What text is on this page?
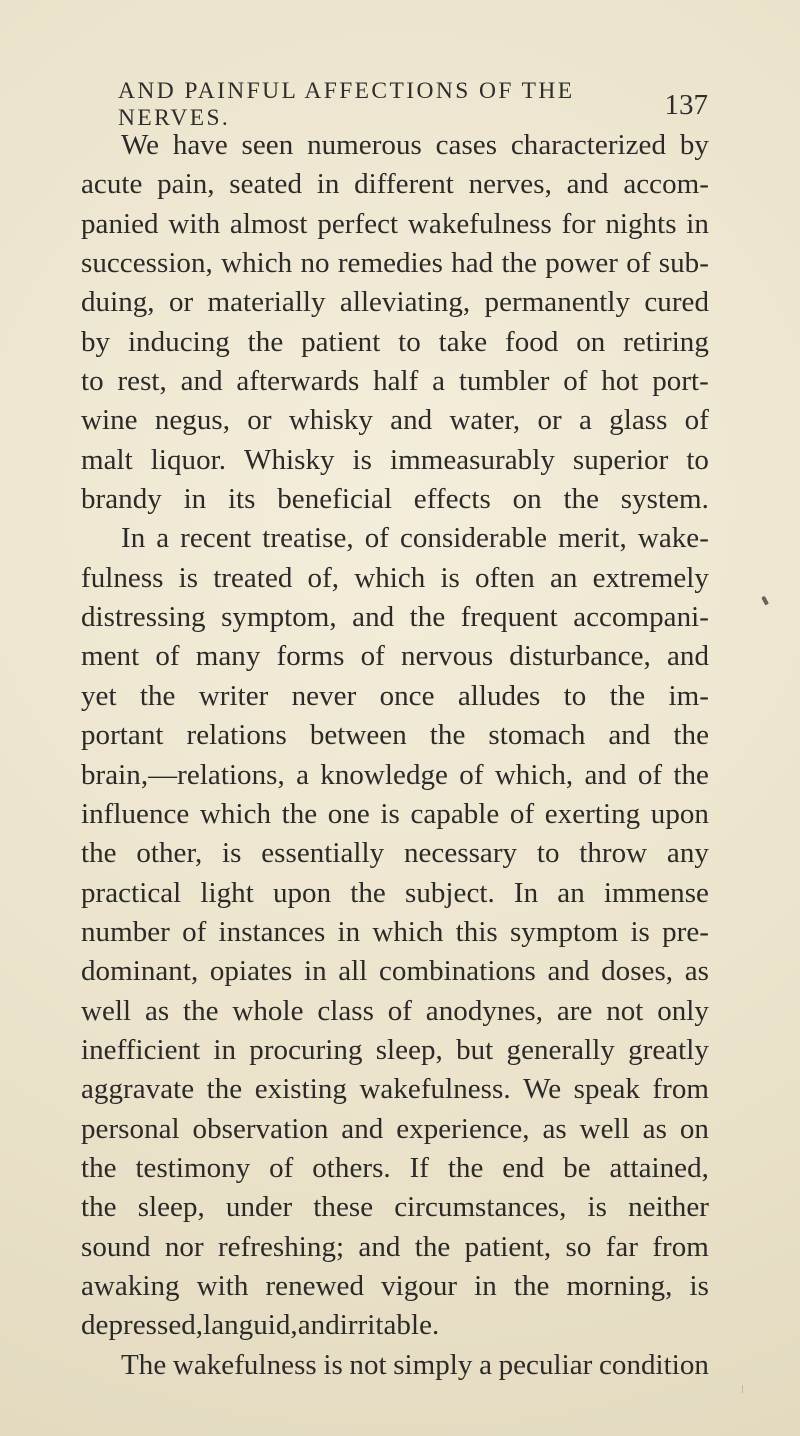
AND PAINFUL AFFECTIONS OF THE NERVES.	137
We have seen numerous cases characterized by
acute pain, seated in different nerves, and accom-
panied with almost perfect wakefulness for nights in
succession, which no remedies had the power of sub-
duing, or materially alleviating, permanently cured
by inducing the patient to take food on retiring
to rest, and afterwards half a tumbler of hot port-
wine negus, or whisky and water, or a glass of
malt liquor. Whisky is immeasurably superior to
brandy in its beneficial effects on the system.
In a recent treatise, of considerable merit, wake-
fulness is treated of, which is often an extremely
distressing symptom, and the frequent accompani-
ment of many forms of nervous disturbance, and
yet the writer never once alludes to the im-
portant relations between the stomach and the
brain,—relations, a knowledge of which, and of the
influence which the one is capable of exerting upon
the other, is essentially necessary to throw any
practical light upon the subject. In an immense
number of instances in which this symptom is pre-
dominant, opiates in all combinations and doses, as
well as the whole class of anodynes, are not only
inefficient in procuring sleep, but generally greatly
aggravate the existing wakefulness. We speak from
personal observation and experience, as well as on
the testimony of others. If the end be attained,
the sleep, under these circumstances, is neither
sound nor refreshing; and the patient, so far from
awaking with renewed vigour in the morning, is
depressed, languid, and irritable.
The wakefulness is not simply a peculiar condition
